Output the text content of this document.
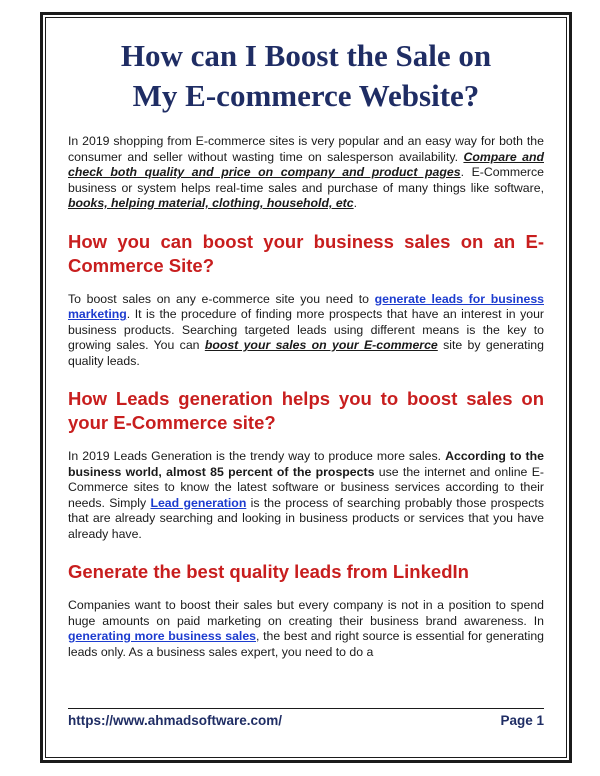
How can I Boost the Sale on
My E-commerce Website?

In 2019 shopping from E-commerce sites is very popular and an easy way for both the consumer and seller without wasting time on salesperson availability. Compare and check both quality and price on company and product pages. E-Commerce business or system helps real-time sales and purchase of many things like software, books, helping material, clothing, household, etc.

How you can boost your business sales on an E-Commerce Site?

To boost sales on any e-commerce site you need to generate leads for business marketing. It is the procedure of finding more prospects that have an interest in your business products. Searching targeted leads using different means is the key to growing sales. You can boost your sales on your E-commerce site by generating quality leads.

How Leads generation helps you to boost sales on your E-Commerce site?

In 2019 Leads Generation is the trendy way to produce more sales. According to the business world, almost 85 percent of the prospects use the internet and online E-Commerce sites to know the latest software or business services according to their needs. Simply Lead generation is the process of searching probably those prospects that are already searching and looking in business products or services that you have already have.

Generate the best quality leads from LinkedIn

Companies want to boost their sales but every company is not in a position to spend huge amounts on paid marketing on creating their business brand awareness. In generating more business sales, the best and right source is essential for generating leads only. As a business sales expert, you need to do a

https://www.ahmadsoftware.com/	Page 1
